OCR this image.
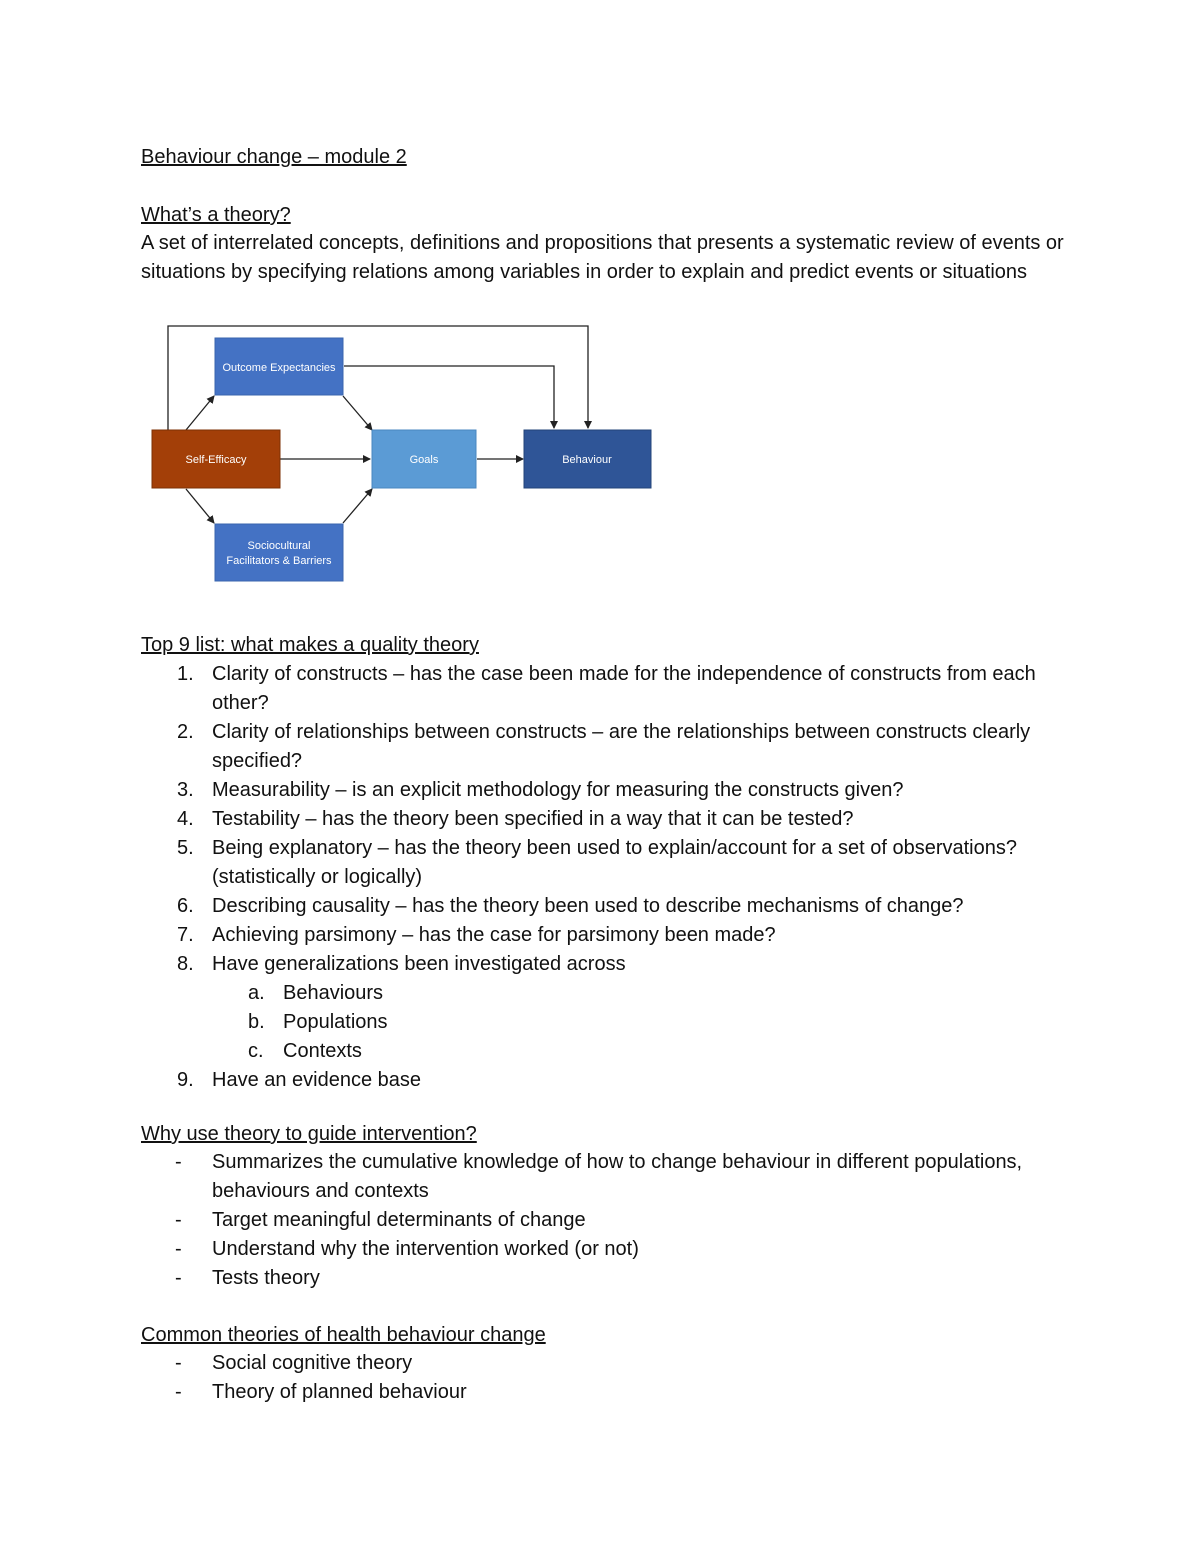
Behaviour change – module 2
What’s a theory?

A set of interrelated concepts, definitions and propositions that presents a systematic review of events or situations by specifying relations among variables in order to explain and predict events or situations

Outcome Expectancies
Self-Efficacy	Goals	Behaviour
Sociocultural
Facilitators & Barriers
Top 9 list: what makes a quality theory
1. Clarity of constructs – has the case been made for the independence of constructs from each other?
2. Clarity of relationships between constructs – are the relationships between constructs clearly specified?
3. Measurability – is an explicit methodology for measuring the constructs given?
4. Testability – has the theory been specified in a way that it can be tested?
5. Being explanatory – has the theory been used to explain/account for a set of observations? (statistically or logically)
6. Describing causality – has the theory been used to describe mechanisms of change?
7. Achieving parsimony – has the case for parsimony been made?
8. Have generalizations been investigated across
a. Behaviours
b. Populations
c. Contexts
9. Have an evidence base
Why use theory to guide intervention?
- Summarizes the cumulative knowledge of how to change behaviour in different populations, behaviours and contexts
- Target meaningful determinants of change
- Understand why the intervention worked (or not)
- Tests theory
Common theories of health behaviour change
- Social cognitive theory
- Theory of planned behaviour
